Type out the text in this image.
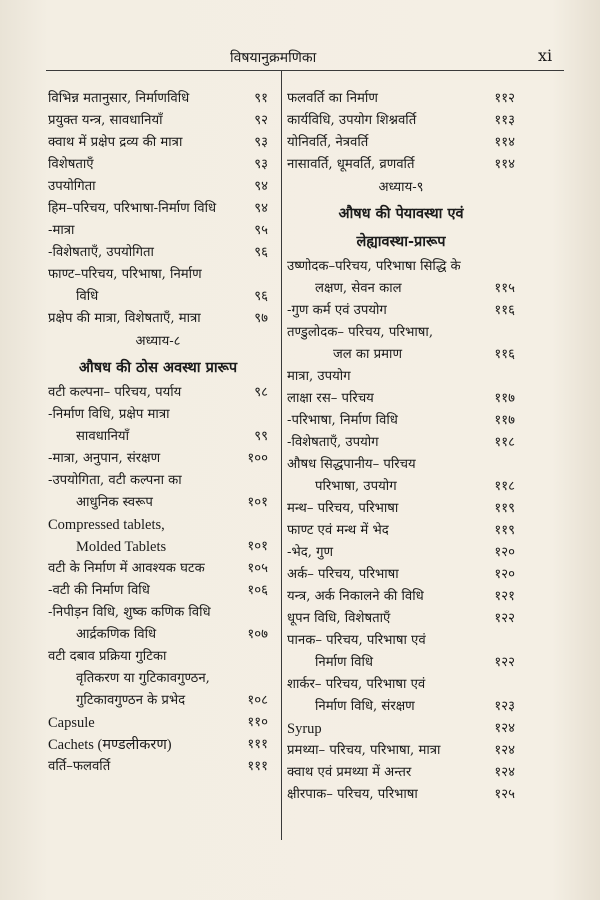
विषयानुक्रमणिका	xi
विभिन्न मतानुसार, निर्माणविधि	९१
प्रयुक्त यन्त्र, सावधानियाँ	९२
क्वाथ में प्रक्षेप द्रव्य की मात्रा	९३
विशेषताएँ	९३
उपयोगिता	९४
हिम–परिचय, परिभाषा-निर्माण विधि	९४
-मात्रा	९५
-विशेषताएँ, उपयोगिता	९६
फाण्ट–परिचय, परिभाषा, निर्माण
विधि	९६
प्रक्षेप की मात्रा, विशेषताएँ, मात्रा	९७
अध्याय-८
औषध की ठोस अवस्था प्रारूप
वटी कल्पना– परिचय, पर्याय	९८
-निर्माण विधि, प्रक्षेप मात्रा
सावधानियाँ	९९
-मात्रा, अनुपान, संरक्षण	१००
-उपयोगिता, वटी कल्पना का
आधुनिक स्वरूप	१०१
Compressed tablets,
Molded Tablets	१०१
वटी के निर्माण में आवश्यक घटक	१०५
-वटी की निर्माण विधि	१०६
-निपीड़न विधि, शुष्क कणिक विधि
आर्द्रकणिक विधि	१०७
वटी दबाव प्रक्रिया गुटिका
वृतिकरण या गुटिकावगुण्ठन,
गुटिकावगुण्ठन के प्रभेद	१०८
Capsule	११०
Cachets (मण्डलीकरण)	१११
वर्ति–फलवर्ति	१११
फलवर्ति का निर्माण	११२
कार्यविधि, उपयोग शिश्नवर्ति	११३
योनिवर्ति, नेत्रवर्ति	११४
नासावर्ति, धूमवर्ति, व्रणवर्ति	११४
अध्याय-९
औषध की पेयावस्था एवं
लेह्यावस्था-प्रारूप
उष्णोदक–परिचय, परिभाषा सिद्धि के
लक्षण, सेवन काल	११५
-गुण कर्म एवं उपयोग	११६
तण्डुलोदक– परिचय, परिभाषा,
जल का प्रमाण	११६
मात्रा, उपयोग
लाक्षा रस– परिचय	११७
-परिभाषा, निर्माण विधि	११७
-विशेषताएँ, उपयोग	११८
औषध सिद्धपानीय– परिचय
परिभाषा, उपयोग	११८
मन्थ– परिचय, परिभाषा	११९
फाण्ट एवं मन्थ में भेद	११९
-भेद, गुण	१२०
अर्क– परिचय, परिभाषा	१२०
यन्त्र, अर्क निकालने की विधि	१२१
धूपन विधि, विशेषताएँ	१२२
पानक– परिचय, परिभाषा एवं
निर्माण विधि	१२२
शार्कर– परिचय, परिभाषा एवं
निर्माण विधि, संरक्षण	१२३
Syrup	१२४
प्रमथ्या– परिचय, परिभाषा, मात्रा	१२४
क्वाथ एवं प्रमथ्या में अन्तर	१२४
क्षीरपाक– परिचय, परिभाषा	१२५
